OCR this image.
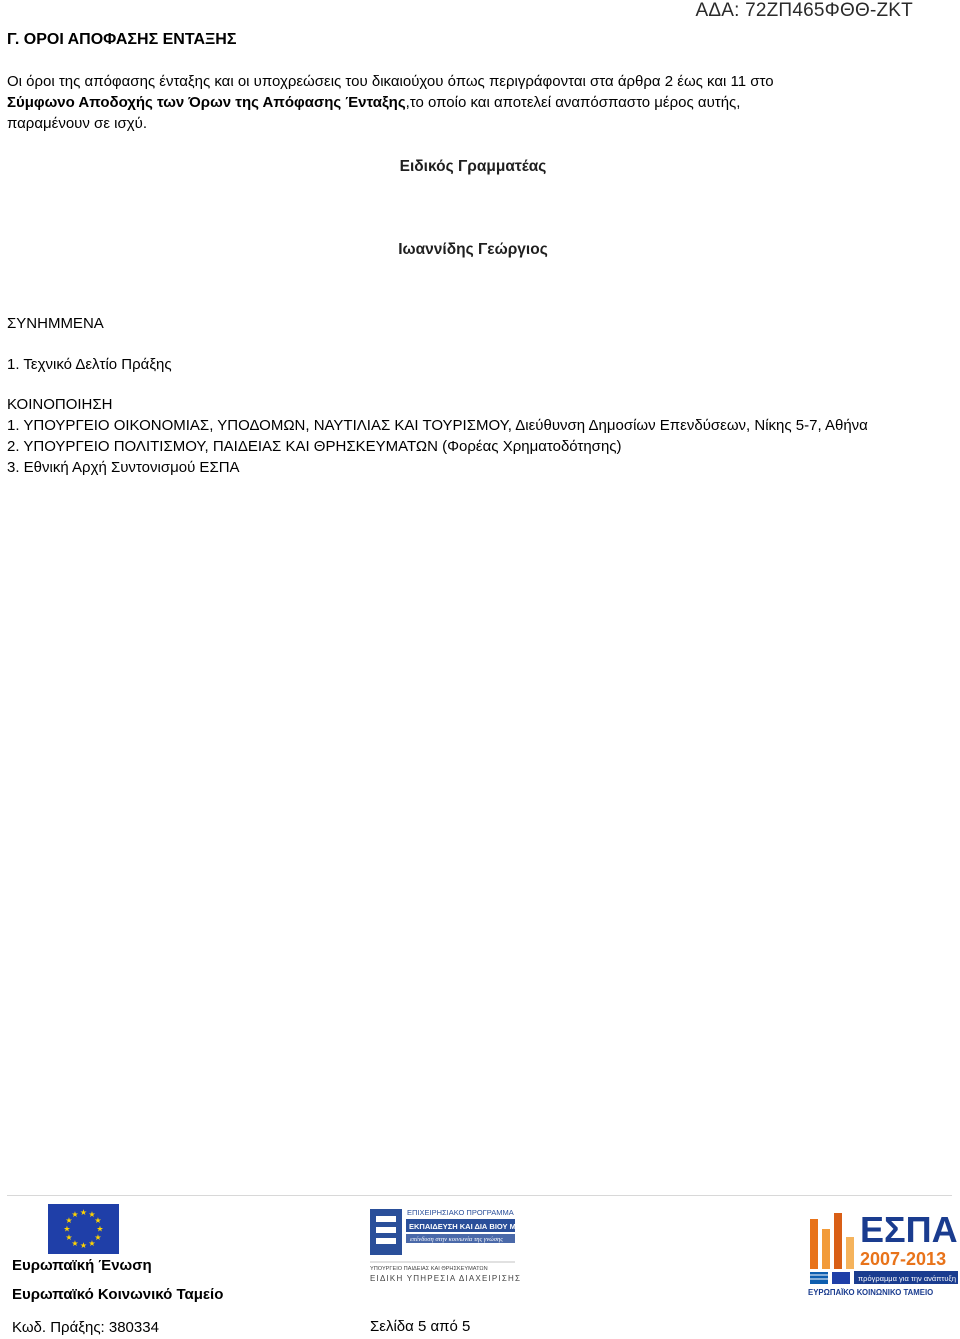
ΑΔΑ: 72ΖΠ465ΦΘΘ-ΖΚΤ
Γ. ΟΡΟΙ ΑΠΟΦΑΣΗΣ ΕΝΤΑΞΗΣ
Οι όροι της απόφασης ένταξης και οι υποχρεώσεις του δικαιούχου όπως περιγράφονται στα άρθρα 2 έως και 11 στο
Σύμφωνο Αποδοχής των Όρων της Απόφασης Ένταξης,το οποίο και αποτελεί αναπόσπαστο μέρος αυτής,
παραμένουν σε ισχύ.
Ειδικός Γραμματέας
Ιωαννίδης Γεώργιος
ΣΥΝΗΜΜΕΝΑ
1. Τεχνικό Δελτίο Πράξης
ΚΟΙΝΟΠΟΙΗΣΗ
1. ΥΠΟΥΡΓΕΙΟ ΟΙΚΟΝΟΜΙΑΣ, ΥΠΟΔΟΜΩΝ, ΝΑΥΤΙΛΙΑΣ ΚΑΙ ΤΟΥΡΙΣΜΟΥ, Διεύθυνση Δημοσίων Επενδύσεων, Νίκης 5-7, Αθήνα
2. ΥΠΟΥΡΓΕΙΟ ΠΟΛΙΤΙΣΜΟΥ, ΠΑΙΔΕΙΑΣ ΚΑΙ ΘΡΗΣΚΕΥΜΑΤΩΝ (Φορέας Χρηματοδότησης)
3. Εθνική Αρχή Συντονισμού ΕΣΠΑ
★ ★
★
★
★
★
★
★
★
★
★
★
Ευρωπαϊκή Ένωση
Ευρωπαϊκό Κοινωνικό Ταμείο
ΕΠΙΧΕΙΡΗΣΙΑΚΟ ΠΡΟΓΡΑΜΜΑ
ΕΚΠΑΙΔΕΥΣΗ ΚΑΙ ΔΙΑ ΒΙΟΥ ΜΑΘΗΣΗ
επένδυση στην κοινωνία της γνώσης
ΥΠΟΥΡΓΕΙΟ ΠΑΙΔΕΙΑΣ ΚΑΙ ΘΡΗΣΚΕΥΜΑΤΩΝ
ΕΙΔΙΚΗ ΥΠΗΡΕΣΙΑ ΔΙΑΧΕΙΡΙΣΗΣ
ΕΣΠΑ
2007-2013
πρόγραμμα για την ανάπτυξη
ΕΥΡΩΠΑΪΚΟ ΚΟΙΝΩΝΙΚΟ ΤΑΜΕΙΟ
Κωδ. Πράξης: 380334	Σελίδα 5 από 5
